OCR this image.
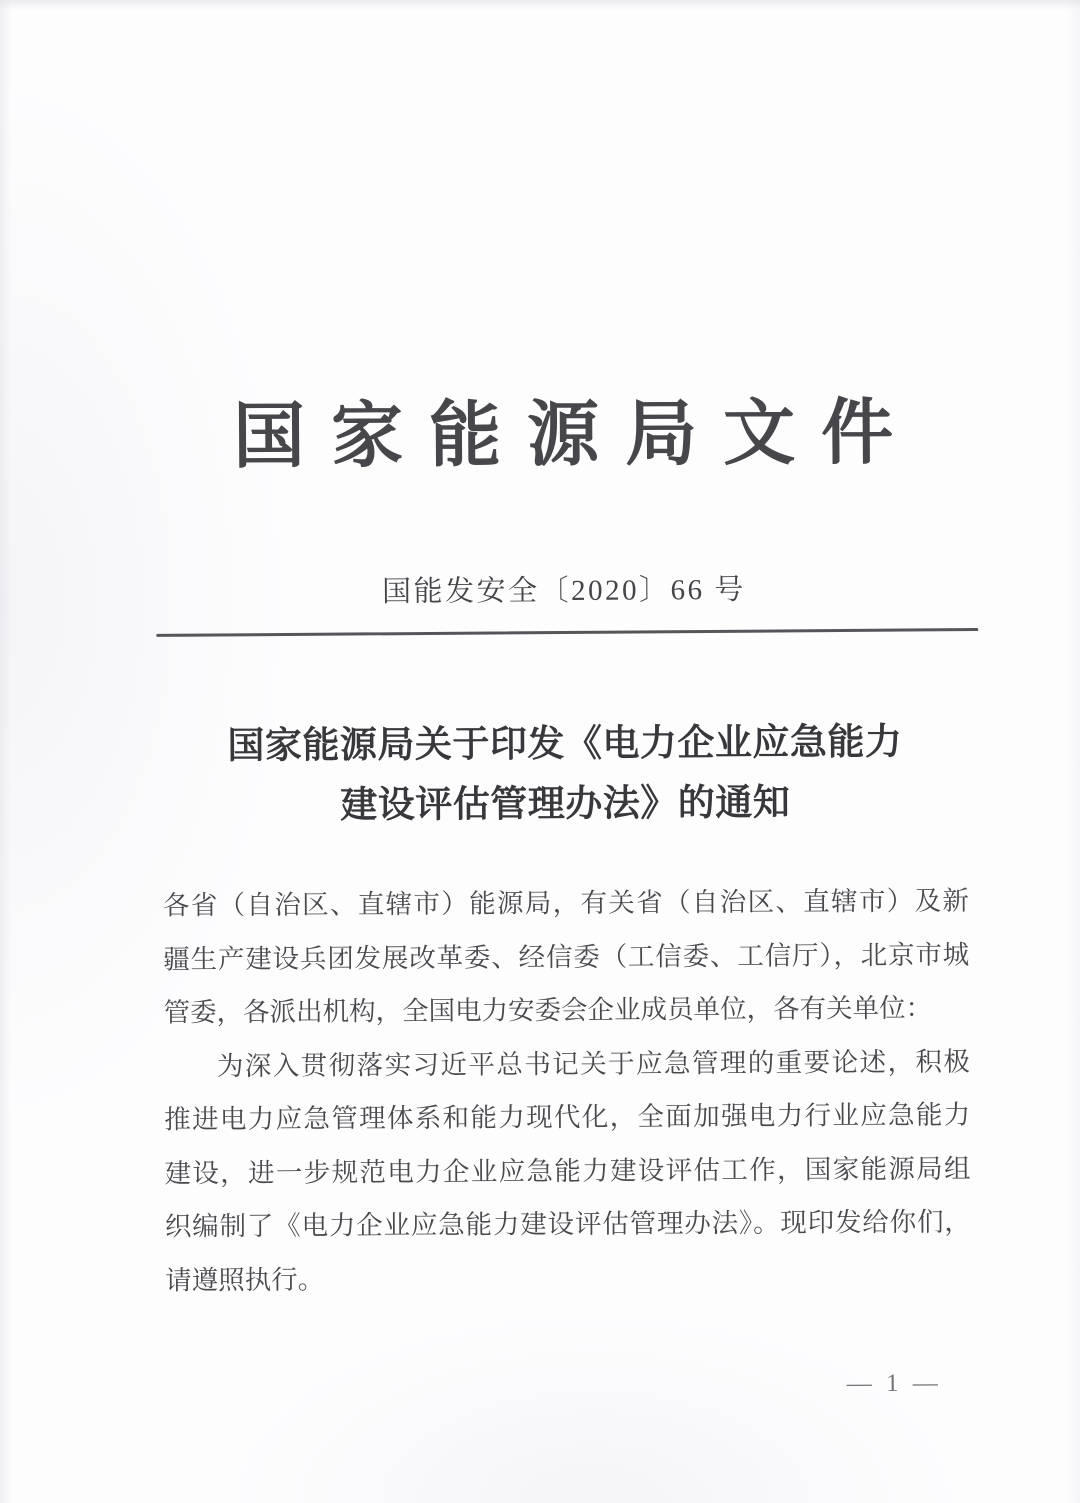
国家能源局文件
国能发安全〔2020〕66 号
国家能源局关于印发《电力企业应急能力
建设评估管理办法》的通知
各省（自治区、直辖市）能源局，有关省（自治区、直辖市）及新
疆生产建设兵团发展改革委、经信委（工信委、工信厅），北京市城
管委，各派出机构，全国电力安委会企业成员单位，各有关单位：
为深入贯彻落实习近平总书记关于应急管理的重要论述，积极
推进电力应急管理体系和能力现代化，全面加强电力行业应急能力
建设，进一步规范电力企业应急能力建设评估工作，国家能源局组
织编制了《电力企业应急能力建设评估管理办法》。现印发给你们，
请遵照执行。
— 1 —
